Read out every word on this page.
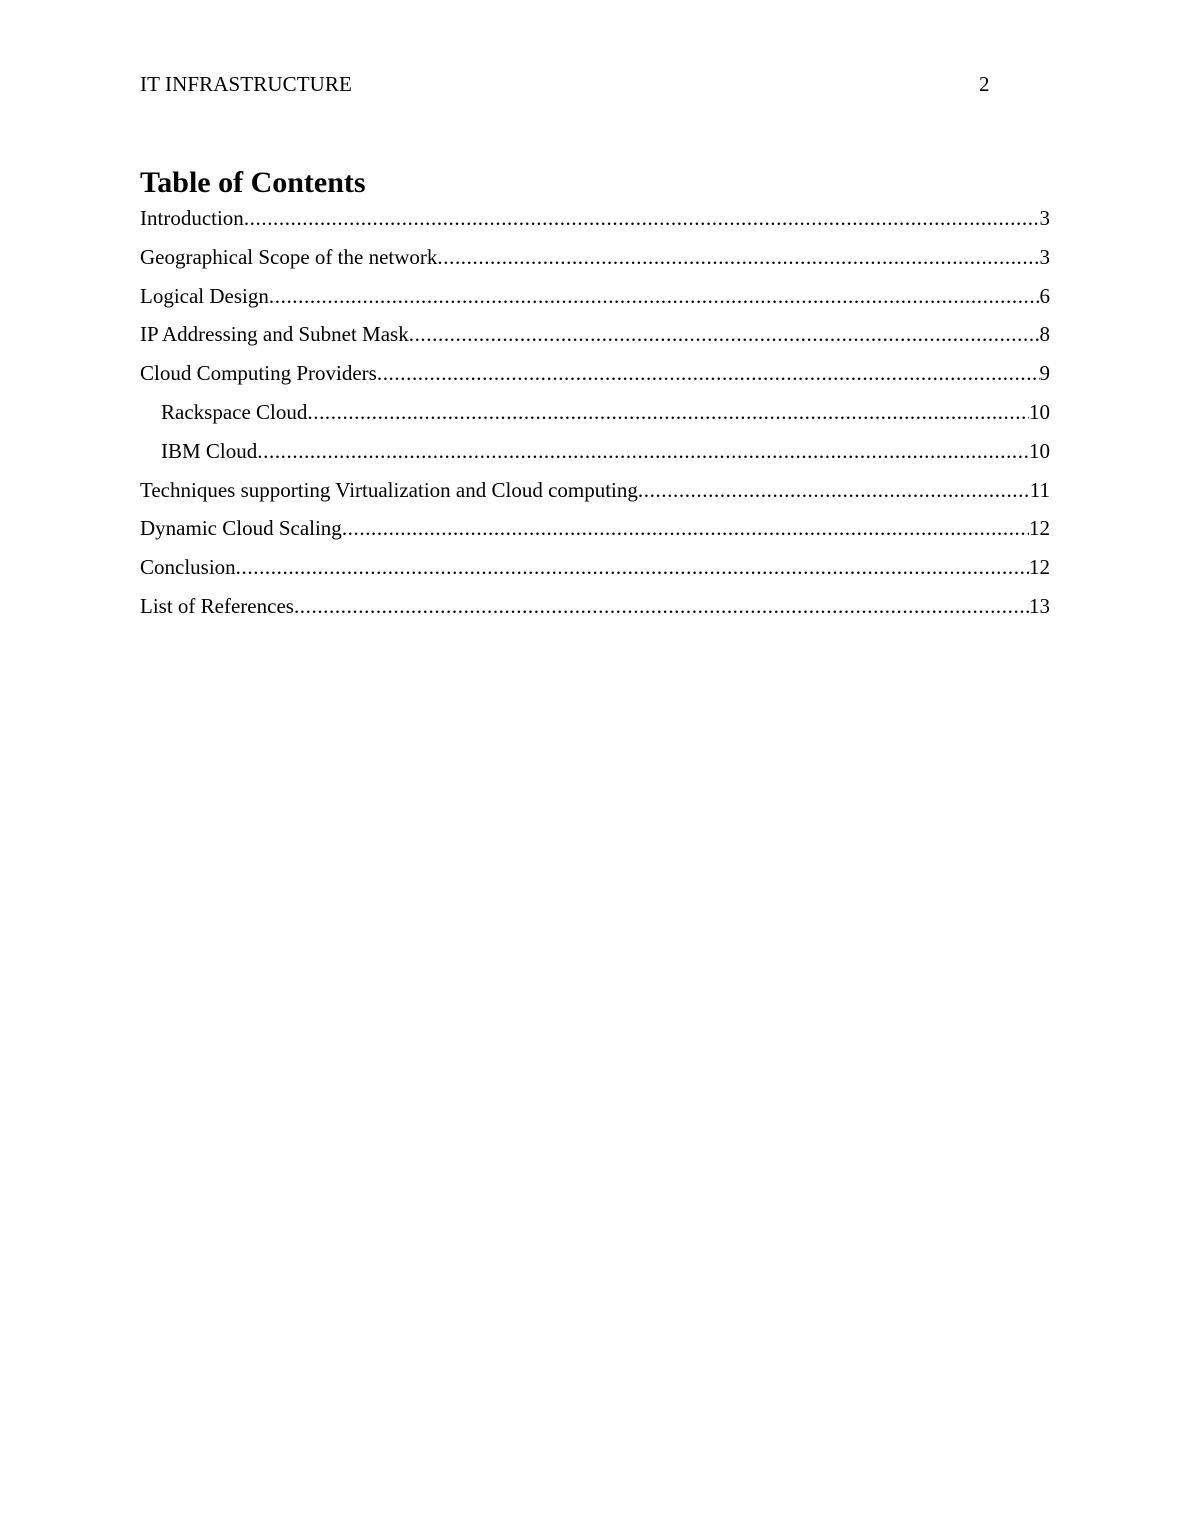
IT INFRASTRUCTURE	2
Table of Contents
Introduction .....	3
Geographical Scope of the network .....	3
Logical Design .....	6
IP Addressing and Subnet Mask .....	8
Cloud Computing Providers .....	9
Rackspace Cloud .....	10
IBM Cloud .....	10
Techniques supporting Virtualization and Cloud computing .....	11
Dynamic Cloud Scaling .....	12
Conclusion .....	12
List of References .....	13
